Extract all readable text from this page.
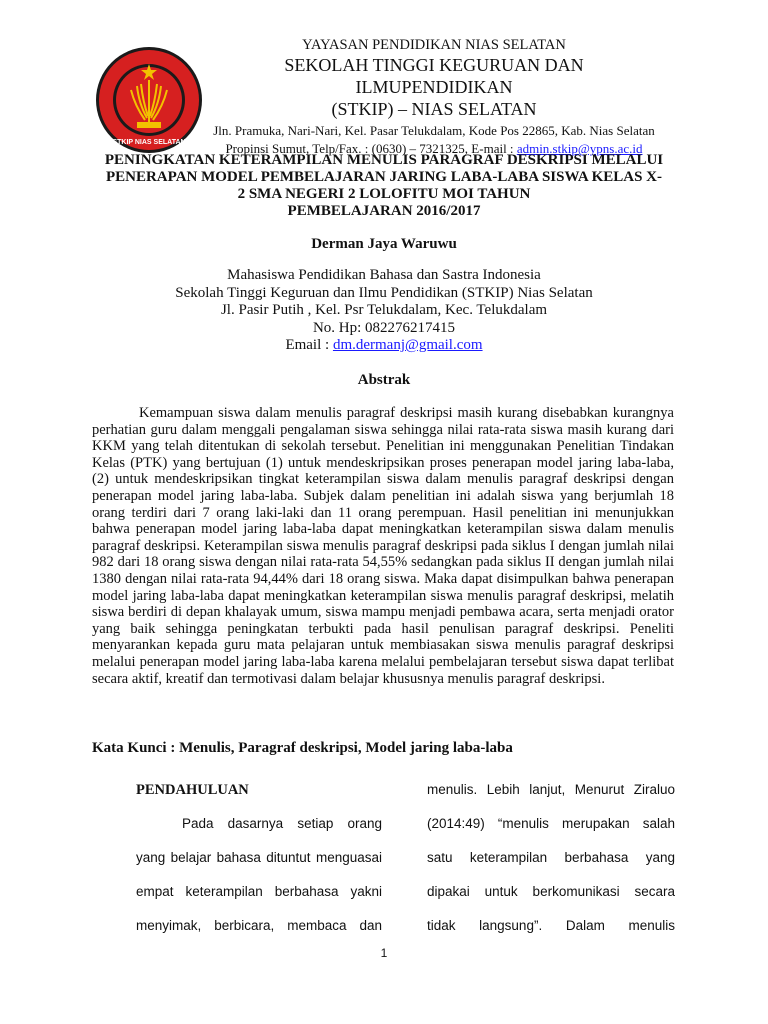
STKIP NIAS SELATAN
YAYASAN PENDIDIKAN NIAS SELATAN
SEKOLAH TINGGI KEGURUAN DAN ILMUPENDIDIKAN
(STKIP) – NIAS SELATAN
Jln. Pramuka, Nari-Nari, Kel. Pasar Telukdalam, Kode Pos 22865, Kab. Nias Selatan
Propinsi Sumut, Telp/Fax. : (0630) – 7321325, E-mail : admin.stkip@ypns.ac.id
PENINGKATAN KETERAMPILAN MENULIS PARAGRAF DESKRIPSI MELALUI
PENERAPAN MODEL PEMBELAJARAN JARING LABA-LABA SISWA KELAS X-
2 SMA NEGERI 2 LOLOFITU MOI TAHUN
PEMBELAJARAN 2016/2017
Derman Jaya Waruwu
Mahasiswa Pendidikan Bahasa dan Sastra Indonesia
Sekolah Tinggi Keguruan dan Ilmu Pendidikan (STKIP) Nias Selatan
Jl. Pasir Putih , Kel. Psr Telukdalam, Kec. Telukdalam
No. Hp: 082276217415
Email : dm.dermanj@gmail.com
Abstrak
Kemampuan siswa dalam menulis paragraf deskripsi masih kurang disebabkan kurangnya perhatian guru dalam menggali pengalaman siswa sehingga nilai rata-rata siswa masih kurang dari KKM yang telah ditentukan di sekolah tersebut. Penelitian ini menggunakan Penelitian Tindakan Kelas (PTK) yang bertujuan (1) untuk mendeskripsikan proses penerapan model jaring laba-laba, (2) untuk mendeskripsikan tingkat keterampilan siswa dalam menulis paragraf deskripsi dengan penerapan model jaring laba-laba. Subjek dalam penelitian ini adalah siswa yang berjumlah 18 orang terdiri dari 7 orang laki-laki dan 11 orang perempuan. Hasil penelitian ini menunjukkan bahwa penerapan model jaring laba-laba dapat meningkatkan keterampilan siswa dalam menulis paragraf deskripsi. Keterampilan siswa menulis paragraf deskripsi pada siklus I dengan jumlah nilai 982 dari 18 orang siswa dengan nilai rata-rata 54,55% sedangkan pada siklus II dengan jumlah nilai 1380 dengan nilai rata-rata 94,44% dari 18 orang siswa. Maka dapat disimpulkan bahwa penerapan model jaring laba-laba dapat meningkatkan keterampilan siswa menulis paragraf deskripsi, melatih siswa berdiri di depan khalayak umum, siswa mampu menjadi pembawa acara, serta menjadi orator yang baik sehingga peningkatan terbukti pada hasil penulisan paragraf deskripsi. Peneliti menyarankan kepada guru mata pelajaran untuk membiasakan siswa menulis paragraf deskripsi melalui penerapan model jaring laba-laba karena melalui pembelajaran tersebut siswa dapat terlibat secara aktif, kreatif dan termotivasi dalam belajar khususnya menulis paragraf deskripsi.
Kata Kunci : Menulis, Paragraf deskripsi, Model jaring laba-laba
PENDAHULUAN
Pada dasarnya setiap orang
yang belajar bahasa dituntut menguasai
empat keterampilan berbahasa yakni
menyimak, berbicara, membaca dan
menulis. Lebih lanjut, Menurut Ziraluo
(2014:49) “menulis merupakan salah
satu keterampilan berbahasa yang
dipakai untuk berkomunikasi secara
tidak langsung”. Dalam menulis
1
